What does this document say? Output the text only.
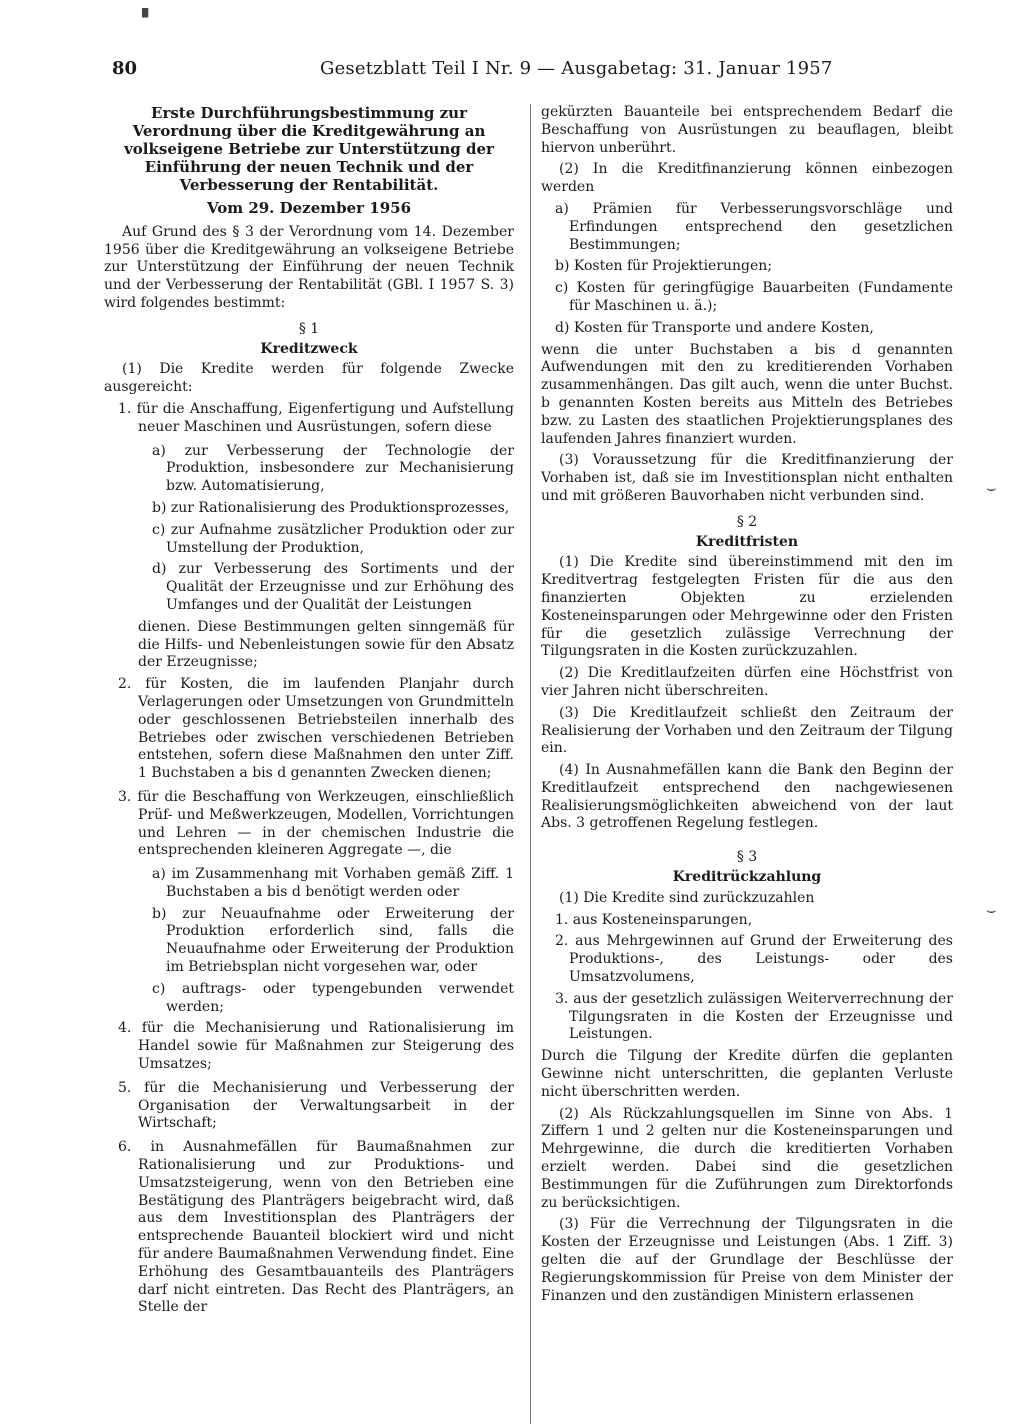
80	Gesetzblatt Teil I Nr. 9 — Ausgabetag: 31. Januar 1957
Erste Durchführungsbestimmung zur Verordnung über die Kreditgewährung an volkseigene Betriebe zur Unterstützung der Einführung der neuen Technik und der Verbesserung der Rentabilität.
Vom 29. Dezember 1956

Auf Grund des § 3 der Verordnung vom 14. Dezember 1956 über die Kreditgewährung an volkseigene Betriebe zur Unterstützung der Einführung der neuen Technik und der Verbesserung der Rentabilität (GBl. I 1957 S. 3) wird folgendes bestimmt:

§ 1
Kreditzweck

(1) Die Kredite werden für folgende Zwecke ausgereicht:

1. für die Anschaffung, Eigenfertigung und Aufstellung neuer Maschinen und Ausrüstungen, sofern diese
a) zur Verbesserung der Technologie der Produktion, insbesondere zur Mechanisierung bzw. Automatisierung,
b) zur Rationalisierung des Produktionsprozesses,
c) zur Aufnahme zusätzlicher Produktion oder zur Umstellung der Produktion,
d) zur Verbesserung des Sortiments und der Qualität der Erzeugnisse und zur Erhöhung des Umfanges und der Qualität der Leistungen

dienen. Diese Bestimmungen gelten sinngemäß für die Hilfs- und Nebenleistungen sowie für den Absatz der Erzeugnisse;

2. für Kosten, die im laufenden Planjahr durch Verlagerungen oder Umsetzungen von Grundmitteln oder geschlossenen Betriebsteilen innerhalb des Betriebes oder zwischen verschiedenen Betrieben entstehen, sofern diese Maßnahmen den unter Ziff. 1 Buchstaben a bis d genannten Zwecken dienen;
3. für die Beschaffung von Werkzeugen, einschließlich Prüf- und Meßwerkzeugen, Modellen, Vorrichtungen und Lehren — in der chemischen Industrie die entsprechenden kleineren Aggregate —, die
a) im Zusammenhang mit Vorhaben gemäß Ziff. 1 Buchstaben a bis d benötigt werden oder
b) zur Neuaufnahme oder Erweiterung der Produktion erforderlich sind, falls die Neuaufnahme oder Erweiterung der Produktion im Betriebsplan nicht vorgesehen war, oder
c) auftrags- oder typengebunden verwendet werden;
4. für die Mechanisierung und Rationalisierung im Handel sowie für Maßnahmen zur Steigerung des Umsatzes;
5. für die Mechanisierung und Verbesserung der Organisation der Verwaltungsarbeit in der Wirtschaft;
6. in Ausnahmefällen für Baumaßnahmen zur Rationalisierung und zur Produktions- und Umsatzsteigerung, wenn von den Betrieben eine Bestätigung des Planträgers beigebracht wird, daß aus dem Investitionsplan des Planträgers der entsprechende Bauanteil blockiert wird und nicht für andere Baumaßnahmen Verwendung findet. Eine Erhöhung des Gesamtbauanteils des Planträgers darf nicht eintreten. Das Recht des Planträgers, an Stelle der

gekürzten Bauanteile bei entsprechendem Bedarf die Beschaffung von Ausrüstungen zu beauflagen, bleibt hiervon unberührt.

(2) In die Kreditfinanzierung können einbezogen werden

a) Prämien für Verbesserungsvorschläge und Erfindungen entsprechend den gesetzlichen Bestimmungen;
b) Kosten für Projektierungen;
c) Kosten für geringfügige Bauarbeiten (Fundamente für Maschinen u. ä.);
d) Kosten für Transporte und andere Kosten,

wenn die unter Buchstaben a bis d genannten Aufwendungen mit den zu kreditierenden Vorhaben zusammenhängen. Das gilt auch, wenn die unter Buchst. b genannten Kosten bereits aus Mitteln des Betriebes bzw. zu Lasten des staatlichen Projektierungsplanes des laufenden Jahres finanziert wurden.

(3) Voraussetzung für die Kreditfinanzierung der Vorhaben ist, daß sie im Investitionsplan nicht enthalten und mit größeren Bauvorhaben nicht verbunden sind.

§ 2
Kreditfristen

(1) Die Kredite sind übereinstimmend mit den im Kreditvertrag festgelegten Fristen für die aus den finanzierten Objekten zu erzielenden Kosteneinsparungen oder Mehrgewinne oder den Fristen für die gesetzlich zulässige Verrechnung der Tilgungsraten in die Kosten zurückzuzahlen.

(2) Die Kreditlaufzeiten dürfen eine Höchstfrist von vier Jahren nicht überschreiten.

(3) Die Kreditlaufzeit schließt den Zeitraum der Realisierung der Vorhaben und den Zeitraum der Tilgung ein.

(4) In Ausnahmefällen kann die Bank den Beginn der Kreditlaufzeit entsprechend den nachgewiesenen Realisierungsmöglichkeiten abweichend von der laut Abs. 3 getroffenen Regelung festlegen.

§ 3
Kreditrückzahlung

(1) Die Kredite sind zurückzuzahlen

1. aus Kosteneinsparungen,
2. aus Mehrgewinnen auf Grund der Erweiterung des Produktions-, des Leistungs- oder des Umsatzvolumens,
3. aus der gesetzlich zulässigen Weiterverrechnung der Tilgungsraten in die Kosten der Erzeugnisse und Leistungen.

Durch die Tilgung der Kredite dürfen die geplanten Gewinne nicht unterschritten, die geplanten Verluste nicht überschritten werden.

(2) Als Rückzahlungsquellen im Sinne von Abs. 1 Ziffern 1 und 2 gelten nur die Kosteneinsparungen und Mehrgewinne, die durch die kreditierten Vorhaben erzielt werden. Dabei sind die gesetzlichen Bestimmungen für die Zuführungen zum Direktorfonds zu berücksichtigen.

(3) Für die Verrechnung der Tilgungsraten in die Kosten der Erzeugnisse und Leistungen (Abs. 1 Ziff. 3) gelten die auf der Grundlage der Beschlüsse der Regierungskommission für Preise von dem Minister der Finanzen und den zuständigen Ministern erlassenen

▘
⌣
⌣
